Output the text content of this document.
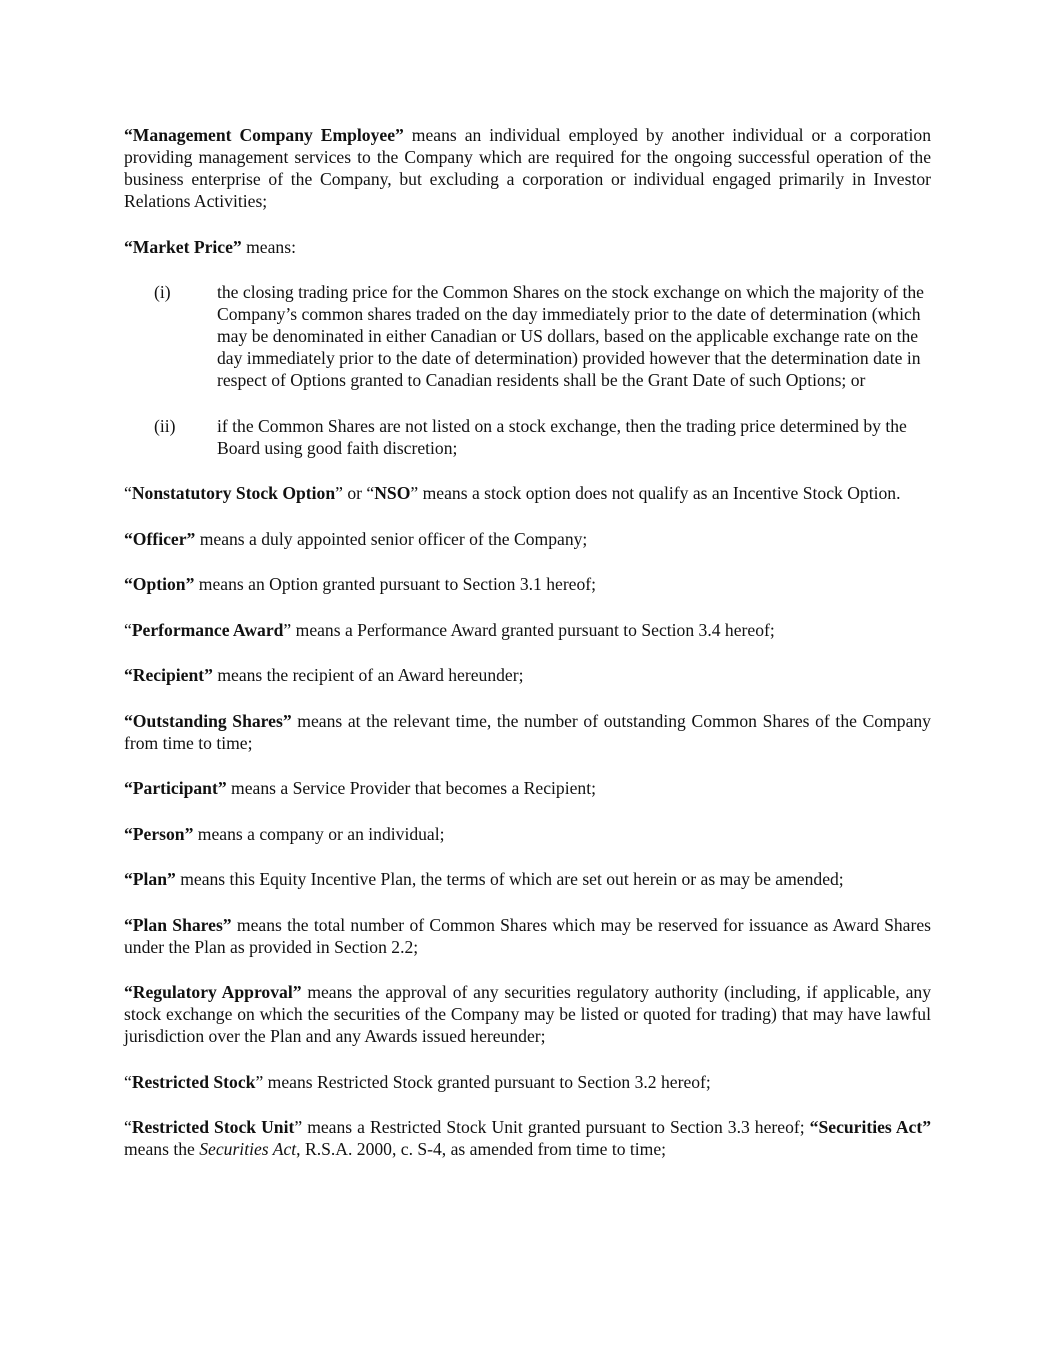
“Management Company Employee” means an individual employed by another individual or a corporation providing management services to the Company which are required for the ongoing successful operation of the business enterprise of the Company, but excluding a corporation or individual engaged primarily in Investor Relations Activities;

“Market Price” means:

(i)	the closing trading price for the Common Shares on the stock exchange on which the majority of the Company’s common shares traded on the day immediately prior to the date of determination (which may be denominated in either Canadian or US dollars, based on the applicable exchange rate on the day immediately prior to the date of determination) provided however that the determination date in respect of Options granted to Canadian residents shall be the Grant Date of such Options; or
(ii)	if the Common Shares are not listed on a stock exchange, then the trading price determined by the Board using good faith discretion;

“Nonstatutory Stock Option” or “NSO” means a stock option does not qualify as an Incentive Stock Option.

“Officer” means a duly appointed senior officer of the Company;

“Option” means an Option granted pursuant to Section 3.1 hereof;

“Performance Award” means a Performance Award granted pursuant to Section 3.4 hereof;

“Recipient” means the recipient of an Award hereunder;

“Outstanding Shares” means at the relevant time, the number of outstanding Common Shares of the Company from time to time;

“Participant” means a Service Provider that becomes a Recipient;

“Person” means a company or an individual;

“Plan” means this Equity Incentive Plan, the terms of which are set out herein or as may be amended;

“Plan Shares” means the total number of Common Shares which may be reserved for issuance as Award Shares under the Plan as provided in Section 2.2;

“Regulatory Approval” means the approval of any securities regulatory authority (including, if applicable, any stock exchange on which the securities of the Company may be listed or quoted for trading) that may have lawful jurisdiction over the Plan and any Awards issued hereunder;

“Restricted Stock” means Restricted Stock granted pursuant to Section 3.2 hereof;

“Restricted Stock Unit” means a Restricted Stock Unit granted pursuant to Section 3.3 hereof; “Securities Act” means the Securities Act, R.S.A. 2000, c. S-4, as amended from time to time;
